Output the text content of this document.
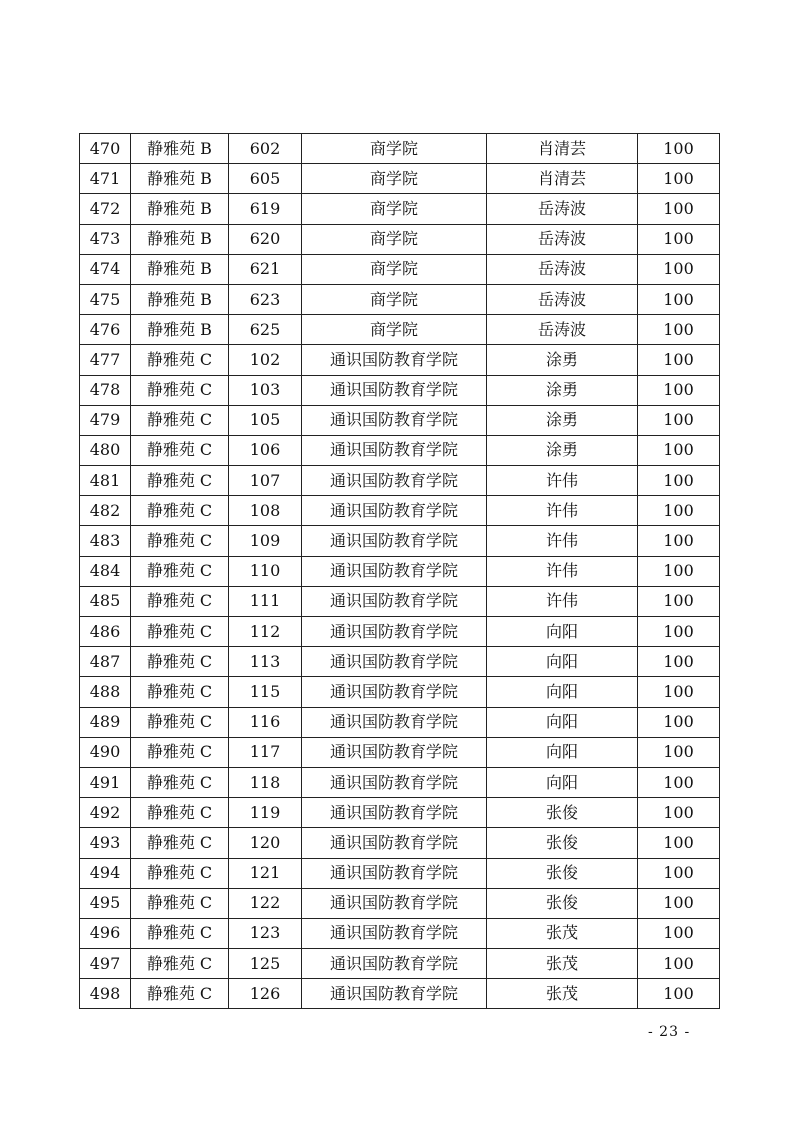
470	静雅苑 B	602	商学院	肖清芸	100
471	静雅苑 B	605	商学院	肖清芸	100
472	静雅苑 B	619	商学院	岳涛波	100
473	静雅苑 B	620	商学院	岳涛波	100
474	静雅苑 B	621	商学院	岳涛波	100
475	静雅苑 B	623	商学院	岳涛波	100
476	静雅苑 B	625	商学院	岳涛波	100
477	静雅苑 C	102	通识国防教育学院	涂勇	100
478	静雅苑 C	103	通识国防教育学院	涂勇	100
479	静雅苑 C	105	通识国防教育学院	涂勇	100
480	静雅苑 C	106	通识国防教育学院	涂勇	100
481	静雅苑 C	107	通识国防教育学院	许伟	100
482	静雅苑 C	108	通识国防教育学院	许伟	100
483	静雅苑 C	109	通识国防教育学院	许伟	100
484	静雅苑 C	110	通识国防教育学院	许伟	100
485	静雅苑 C	111	通识国防教育学院	许伟	100
486	静雅苑 C	112	通识国防教育学院	向阳	100
487	静雅苑 C	113	通识国防教育学院	向阳	100
488	静雅苑 C	115	通识国防教育学院	向阳	100
489	静雅苑 C	116	通识国防教育学院	向阳	100
490	静雅苑 C	117	通识国防教育学院	向阳	100
491	静雅苑 C	118	通识国防教育学院	向阳	100
492	静雅苑 C	119	通识国防教育学院	张俊	100
493	静雅苑 C	120	通识国防教育学院	张俊	100
494	静雅苑 C	121	通识国防教育学院	张俊	100
495	静雅苑 C	122	通识国防教育学院	张俊	100
496	静雅苑 C	123	通识国防教育学院	张茂	100
497	静雅苑 C	125	通识国防教育学院	张茂	100
498	静雅苑 C	126	通识国防教育学院	张茂	100
- 23 -
